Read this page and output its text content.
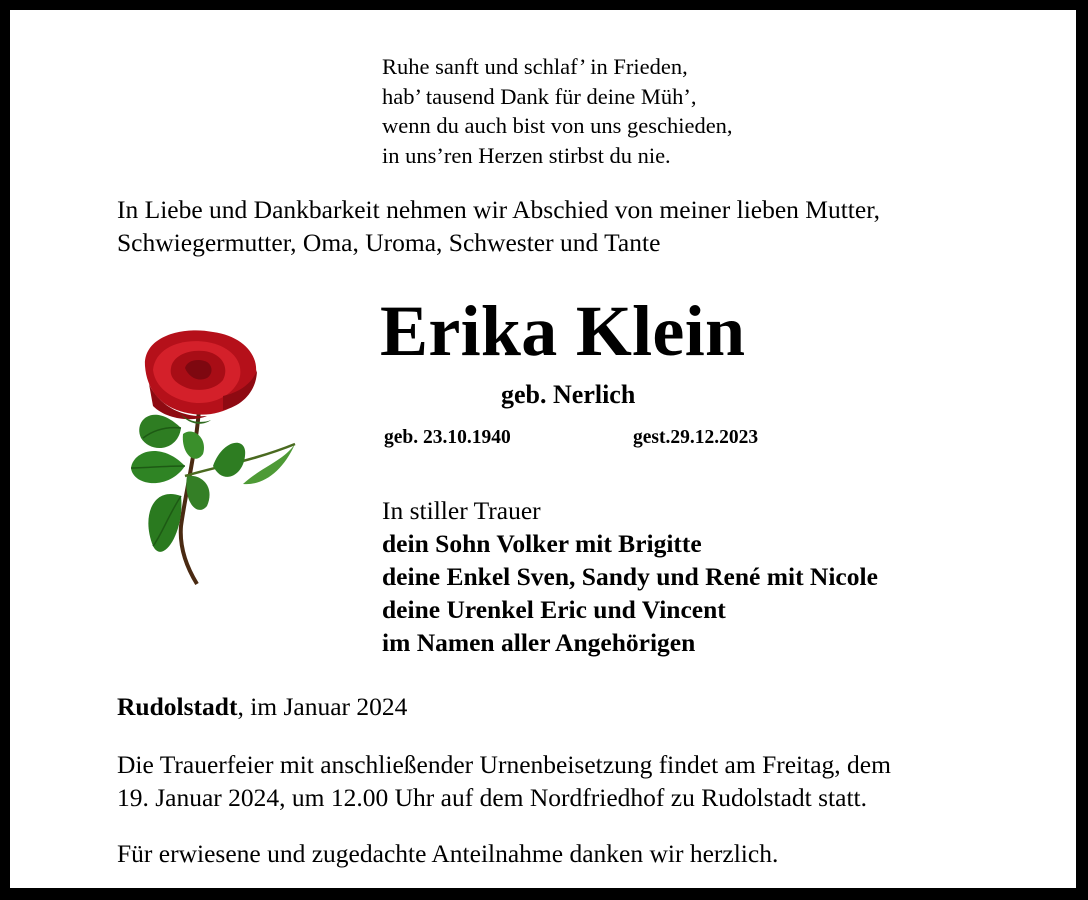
Ruhe sanft und schlaf’ in Frieden,
hab’ tausend Dank für deine Müh’,
wenn du auch bist von uns geschieden,
in uns’ren Herzen stirbst du nie.
In Liebe und Dankbarkeit nehmen wir Abschied von meiner lieben Mutter,
Schwiegermutter, Oma, Uroma, Schwester und Tante
Erika Klein
geb. Nerlich
geb. 23.10.1940	gest.29.12.2023
In stiller Trauer
dein Sohn Volker mit Brigitte
deine Enkel Sven, Sandy und René mit Nicole
deine Urenkel Eric und Vincent
im Namen aller Angehörigen
Rudolstadt, im Januar 2024
Die Trauerfeier mit anschließender Urnenbeisetzung findet am Freitag, dem
19. Januar 2024, um 12.00 Uhr auf dem Nordfriedhof zu Rudolstadt statt.
Für erwiesene und zugedachte Anteilnahme danken wir herzlich.
